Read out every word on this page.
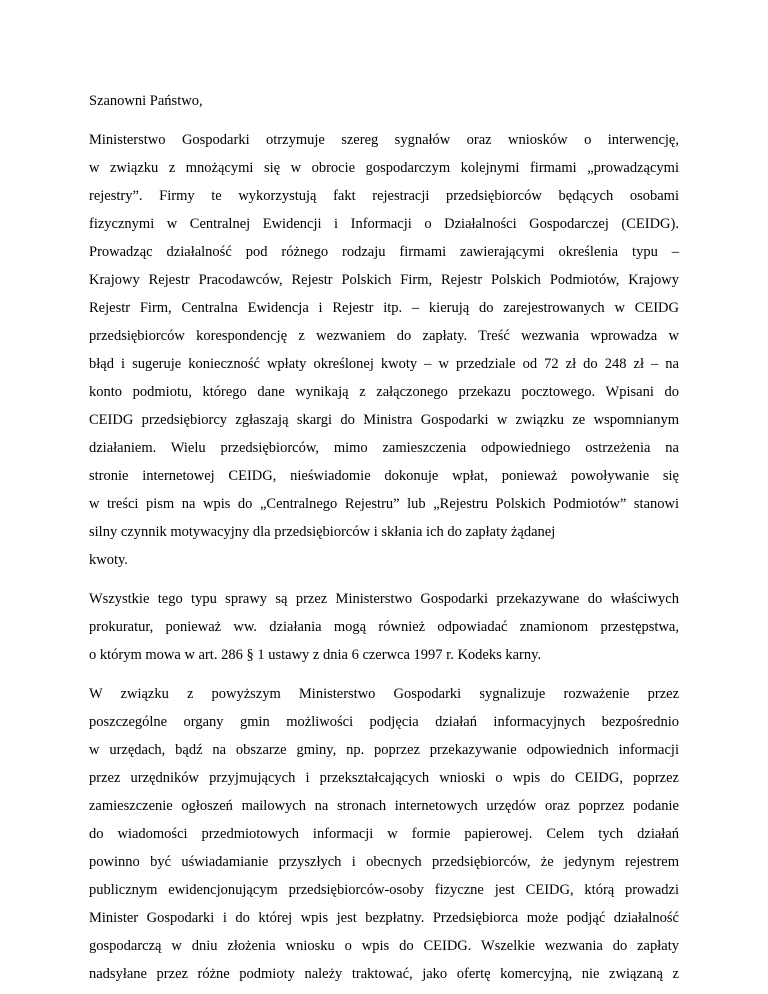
Szanowni Państwo,
Ministerstwo Gospodarki otrzymuje szereg sygnałów oraz wniosków o interwencję,
w związku z mnożącymi się w obrocie gospodarczym kolejnymi firmami „prowadzącymi
rejestry”. Firmy te wykorzystują fakt rejestracji przedsiębiorców będących osobami
fizycznymi w Centralnej Ewidencji i Informacji o Działalności Gospodarczej (CEIDG).
Prowadząc działalność pod różnego rodzaju firmami zawierającymi określenia typu –
Krajowy Rejestr Pracodawców, Rejestr Polskich Firm, Rejestr Polskich Podmiotów, Krajowy
Rejestr Firm, Centralna Ewidencja i Rejestr itp. – kierują do zarejestrowanych w CEIDG
przedsiębiorców korespondencję z wezwaniem do zapłaty. Treść wezwania wprowadza w
błąd i sugeruje konieczność wpłaty określonej kwoty – w przedziale od 72 zł do 248 zł – na
konto podmiotu, którego dane wynikają z załączonego przekazu pocztowego. Wpisani do
CEIDG przedsiębiorcy zgłaszają skargi do Ministra Gospodarki w związku ze wspomnianym
działaniem. Wielu przedsiębiorców, mimo zamieszczenia odpowiedniego ostrzeżenia na
stronie internetowej CEIDG, nieświadomie dokonuje wpłat, ponieważ powoływanie się
w treści pism na wpis do „Centralnego Rejestru” lub „Rejestru Polskich Podmiotów” stanowi
silny czynnik motywacyjny dla przedsiębiorców i skłania ich do zapłaty żądanej
kwoty.
Wszystkie tego typu sprawy są przez Ministerstwo Gospodarki przekazywane do właściwych
prokuratur, ponieważ ww. działania mogą również odpowiadać znamionom przestępstwa,
o którym mowa w art. 286 § 1 ustawy z dnia 6 czerwca 1997 r. Kodeks karny.
W związku z powyższym Ministerstwo Gospodarki sygnalizuje rozważenie przez
poszczególne organy gmin możliwości podjęcia działań informacyjnych bezpośrednio
w urzędach, bądź na obszarze gminy, np. poprzez przekazywanie odpowiednich informacji
przez urzędników przyjmujących i przekształcających wnioski o wpis do CEIDG, poprzez
zamieszczenie ogłoszeń mailowych na stronach internetowych urzędów oraz poprzez podanie
do wiadomości przedmiotowych informacji w formie papierowej. Celem tych działań
powinno być uświadamianie przyszłych i obecnych przedsiębiorców, że jedynym rejestrem
publicznym ewidencjonującym przedsiębiorców-osoby fizyczne jest CEIDG, którą prowadzi
Minister Gospodarki i do której wpis jest bezpłatny. Przedsiębiorca może podjąć działalność
gospodarczą w dniu złożenia wniosku o wpis do CEIDG. Wszelkie wezwania do zapłaty
nadsyłane przez różne podmioty należy traktować, jako ofertę komercyjną, nie związaną z
